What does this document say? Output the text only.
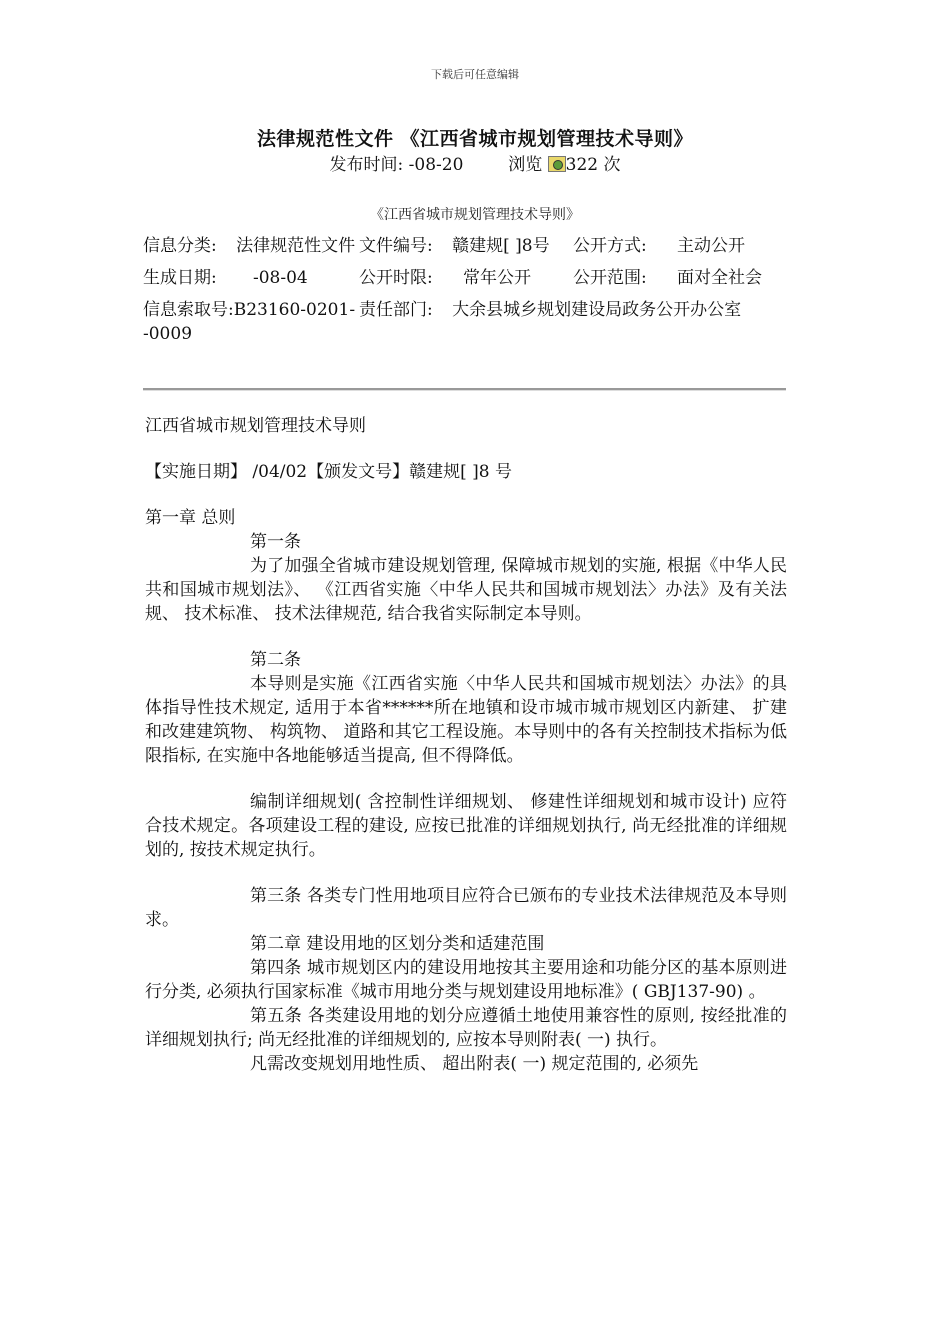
下载后可任意编辑
法律规范性文件 《江西省城市规划管理技术导则》
发布时间: -08-20	浏览 322 次
《江西省城市规划管理技术导则》
信息分类: 法律规范性文件		文件编号: 赣建规[ ]8号		公开方式:	主动公开
生成日期:	-08-04	公开时限:	常年公开	公开范围:	面对全社会
信息索取号:B23160-0201- -0009		责任部门: 大余县城乡规划建设局政务公开办公室			

江西省城市规划管理技术导则

【实施日期】 /04/02【颁发文号】赣建规[ ]8 号

第一章 总则

第一条

为了加强全省城市建设规划管理, 保障城市规划的实施, 根据《中华人民共和国城市规划法》、 《江西省实施〈中华人民共和国城市规划法〉办法》及有关法规、 技术标准、 技术法律规范, 结合我省实际制定本导则。

第二条

本导则是实施《江西省实施〈中华人民共和国城市规划法〉办法》的具体指导性技术规定, 适用于本省******所在地镇和设市城市城市规划区内新建、 扩建和改建建筑物、 构筑物、 道路和其它工程设施。本导则中的各有关控制技术指标为低限指标, 在实施中各地能够适当提高, 但不得降低。

编制详细规划( 含控制性详细规划、 修建性详细规划和城市设计) 应符合技术规定。各项建设工程的建设, 应按已批准的详细规划执行, 尚无经批准的详细规划的, 按技术规定执行。

第三条 各类专门性用地项目应符合已颁布的专业技术法律规范及本导则求。

第二章 建设用地的区划分类和适建范围

第四条 城市规划区内的建设用地按其主要用途和功能分区的基本原则进行分类, 必须执行国家标准《城市用地分类与规划建设用地标准》( GBJ137-90) 。

第五条 各类建设用地的划分应遵循土地使用兼容性的原则, 按经批准的详细规划执行; 尚无经批准的详细规划的, 应按本导则附表( 一) 执行。

凡需改变规划用地性质、 超出附表( 一) 规定范围的, 必须先
